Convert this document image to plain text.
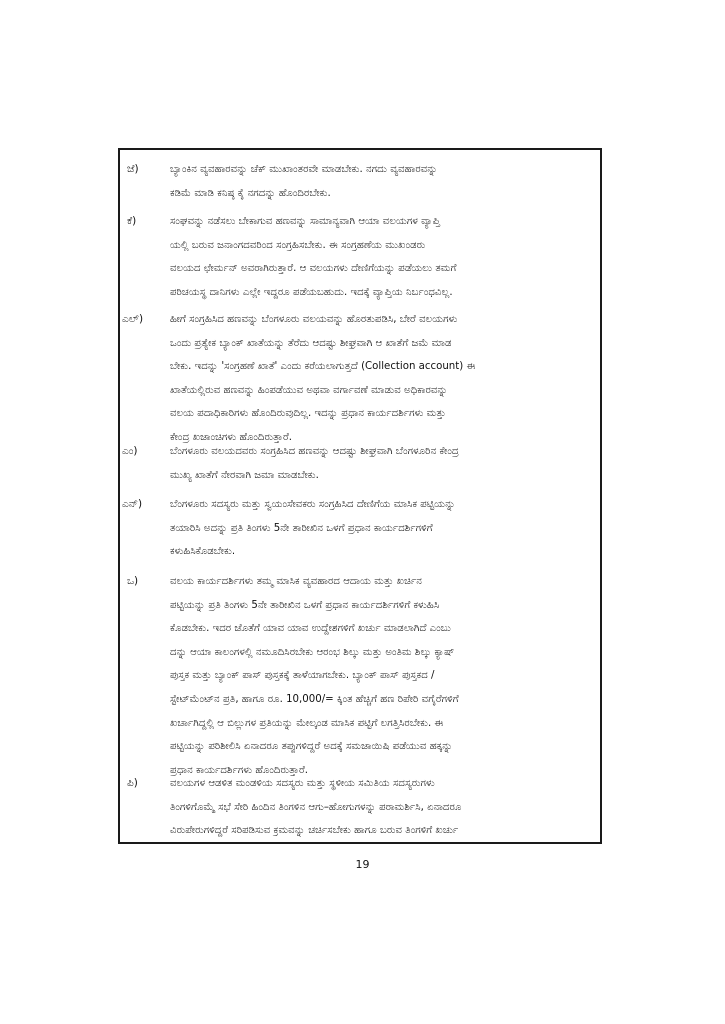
ಜೆ)	ಬ್ಯಾಂಕಿನ ವ್ಯವಹಾರವನ್ನು ಚೆಕ್ ಮುಖಾಂತರವೇ ಮಾಡಬೇಕು. ನಗದು ವ್ಯವಹಾರವನ್ನು
ಕಡಿಮೆ ಮಾಡಿ ಕನಿಷ್ಠ ಕೈ ನಗದನ್ನು ಹೊಂದಿರಬೇಕು.
ಕೆ)	ಸಂಘವನ್ನು ನಡೆಸಲು ಬೇಕಾಗುವ ಹಣವನ್ನು ಸಾಮಾನ್ಯವಾಗಿ ಆಯಾ ವಲಯಗಳ ವ್ಯಾಪ್ತಿ
ಯಲ್ಲಿ ಬರುವ ಜನಾಂಗದವರಿಂದ ಸಂಗ್ರಹಿಸಬೇಕು. ಈ ಸಂಗ್ರಹಣೆಯ ಮುಖಂಡರು
ವಲಯದ ಛೇರ್ಮನ್ ಅವರಾಗಿರುತ್ತಾರೆ. ಆ ವಲಯಗಳು ದೇಣಿಗೆಯನ್ನು ಪಡೆಯಲು ತಮಗೆ
ಪರಿಚಯಸ್ಥ ದಾನಿಗಳು ಎಲ್ಲೇ ಇದ್ದರೂ ಪಡೆಯಬಹುದು. ಇದಕ್ಕೆ ವ್ಯಾಪ್ತಿಯ ನಿರ್ಬಂಧವಿಲ್ಲ.
ಎಲ್)	ಹೀಗೆ ಸಂಗ್ರಹಿಸಿದ ಹಣವನ್ನು ಬೆಂಗಳೂರು ವಲಯವನ್ನು ಹೊರತುಪಡಿಸಿ, ಬೇರೆ ವಲಯಗಳು
ಒಂದು ಪ್ರತ್ಯೇಕ ಬ್ಯಾಂಕ್ ಖಾತೆಯನ್ನು ತೆರೆದು ಆದಷ್ಟು ಶೀಘ್ರವಾಗಿ ಆ ಖಾತೆಗೆ ಜಮೆ ಮಾಡ
ಬೇಕು. ಇದನ್ನು 'ಸಂಗ್ರಹಣೆ ಖಾತೆ' ಎಂದು ಕರೆಯಲಾಗುತ್ತದೆ (Collection account) ಈ
ಖಾತೆಯಲ್ಲಿರುವ ಹಣವನ್ನು ಹಿಂಪಡೆಯುವ ಅಥವಾ ವರ್ಗಾವಣೆ ಮಾಡುವ ಅಧಿಕಾರವನ್ನು
ವಲಯ ಪದಾಧಿಕಾರಿಗಳು ಹೊಂದಿರುವುದಿಲ್ಲ. ಇದನ್ನು ಪ್ರಧಾನ ಕಾರ್ಯದರ್ಶಿಗಳು ಮತ್ತು
ಕೇಂದ್ರ ಖಜಾಂಚಿಗಳು ಹೊಂದಿರುತ್ತಾರೆ.
ಎಂ)	ಬೆಂಗಳೂರು ವಲಯದವರು ಸಂಗ್ರಹಿಸಿದ ಹಣವನ್ನು ಆದಷ್ಟು ಶೀಘ್ರವಾಗಿ ಬೆಂಗಳೂರಿನ ಕೇಂದ್ರ
ಮುಖ್ಯ ಖಾತೆಗೆ ನೇರವಾಗಿ ಜಮಾ ಮಾಡಬೇಕು.
ಎನ್)	ಬೆಂಗಳೂರು ಸದಸ್ಯರು ಮತ್ತು ಸ್ವಯಂಸೇವಕರು ಸಂಗ್ರಹಿಸಿದ ದೇಣಿಗೆಯ ಮಾಸಿಕ ಪಟ್ಟಿಯನ್ನು
ತಯಾರಿಸಿ ಅದನ್ನು ಪ್ರತಿ ತಿಂಗಳು 5ನೇ ತಾರೀಖಿನ ಒಳಗೆ ಪ್ರಧಾನ ಕಾರ್ಯದರ್ಶಿಗಳಿಗೆ
ಕಳುಹಿಸಿಕೊಡಬೇಕು.
ಒ)	ವಲಯ ಕಾರ್ಯದರ್ಶಿಗಳು ತಮ್ಮ ಮಾಸಿಕ ವ್ಯವಹಾರದ ಆದಾಯ ಮತ್ತು ಖರ್ಚಿನ
ಪಟ್ಟಿಯನ್ನು ಪ್ರತಿ ತಿಂಗಳು 5ನೇ ತಾರೀಖಿನ ಒಳಗೆ ಪ್ರಧಾನ ಕಾರ್ಯದರ್ಶಿಗಳಿಗೆ ಕಳುಹಿಸಿ
ಕೊಡಬೇಕು. ಇದರ ಜೊತೆಗೆ ಯಾವ ಯಾವ ಉದ್ದೇಶಗಳಿಗೆ ಖರ್ಚು ಮಾಡಲಾಗಿದೆ ಎಂಬು
ದನ್ನು ಆಯಾ ಕಾಲಂಗಳಲ್ಲಿ ನಮೂದಿಸಿರಬೇಕು ಆರಂಭ ಶಿಲ್ಕು ಮತ್ತು ಅಂತಿಮ ಶಿಲ್ಕು ಕ್ಯಾಷ್
ಪುಸ್ತಕ ಮತ್ತು ಬ್ಯಾಂಕ್ ಪಾಸ್ ಪುಸ್ತಕಕ್ಕೆ ತಾಳೆಯಾಗಬೇಕು. ಬ್ಯಾಂಕ್ ಪಾಸ್ ಪುಸ್ತಕದ /
ಸ್ಟೇಟ್‌ಮೆಂಟ್‌ನ ಪ್ರತಿ, ಹಾಗೂ ರೂ. 10,000/= ಕ್ಕಿಂತ ಹೆಚ್ಚಿಗೆ ಹಣ ರಿಪೇರಿ ವಗೈರೆಗಳಿಗೆ
ಖರ್ಚಾಗಿದ್ದಲ್ಲಿ ಆ ಬಿಲ್ಲುಗಳ ಪ್ರತಿಯನ್ನು ಮೇಲ್ಕಂಡ ಮಾಸಿಕ ಪಟ್ಟಿಗೆ ಲಗತ್ತಿಸಿರಬೇಕು. ಈ
ಪಟ್ಟಿಯನ್ನು ಪರಿಶೀಲಿಸಿ ಏನಾದರೂ ತಪ್ಪುಗಳಿದ್ದರೆ ಅದಕ್ಕೆ ಸಮಜಾಯಿಷಿ ಪಡೆಯುವ ಹಕ್ಕನ್ನು
ಪ್ರಧಾನ ಕಾರ್ಯದರ್ಶಿಗಳು ಹೊಂದಿರುತ್ತಾರೆ.
ಪಿ)	ವಲಯಗಳ ಆಡಳಿತ ಮಂಡಳಿಯ ಸದಸ್ಯರು ಮತ್ತು ಸ್ಥಳೀಯ ಸಮಿತಿಯ ಸದಸ್ಯರುಗಳು
ತಿಂಗಳಿಗೊಮ್ಮೆ ಸಭೆ ಸೇರಿ ಹಿಂದಿನ ತಿಂಗಳಿನ ಆಗು–ಹೋಗುಗಳನ್ನು ಪರಾಮರ್ಶಿಸಿ, ಏನಾದರೂ
ವಿರುಪೇರುಗಳಿದ್ದರೆ ಸರಿಪಡಿಸುವ ಕ್ರಮವನ್ನು ಚರ್ಚಿಸಬೇಕು ಹಾಗೂ ಬರುವ ತಿಂಗಳಿಗೆ ಖರ್ಚು
19
